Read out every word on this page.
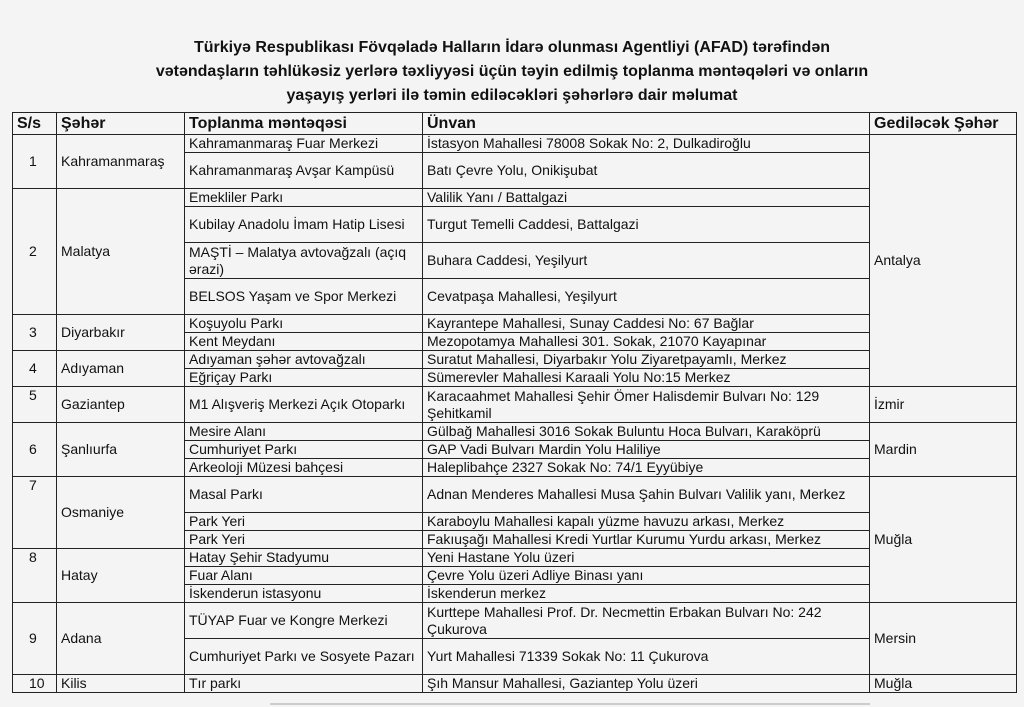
Türkiyə Respublikası Fövqəladə Halların İdarə olunması Agentliyi (AFAD) tərəfindən
vətəndaşların təhlükəsiz yerlərə təxliyyəsi üçün təyin edilmiş toplanma məntəqələri və onların
yaşayış yerləri ilə təmin ediləcəkləri şəhərlərə dair məlumat
S/s	Şəhər	Toplanma məntəqəsi	Ünvan	Gedilәcәk Şәhәr	

1	Kahramanmaraş	Kahramanmaraş Fuar Merkezi	İstasyon Mahallesi 78008 Sokak No: 2, Dulkadiroğlu	Antalya	
		Kahramanmaraş Avşar Kampüsü	Batı Çevre Yolu, Onikişubat		

2	Malatya	Emekliler Parkı	Valilik Yanı / Battalgazi		
		Kubilay Anadolu İmam Hatip Lisesi	Turgut Temelli Caddesi, Battalgazi		
		MAŞTİ – Malatya avtovağzalı (açıq ərazi)	Buhara Caddesi, Yeşilyurt		
		BELSOS Yaşam ve Spor Merkezi	Cevatpaşa Mahallesi, Yeşilyurt		

3	Diyarbakır	Koşuyolu Parkı	Kayrantepe Mahallesi, Sunay Caddesi No: 67 Bağlar		
		Kent Meydanı	Mezopotamya Mahallesi 301. Sokak, 21070 Kayapınar		

4	Adıyaman	Adıyaman şəhər avtovağzalı	Suratut Mahallesi, Diyarbakır Yolu Ziyaretpayamlı, Merkez	
		Eğriçay Parkı	Sümerevler Mahallesi Karaali Yolu No:15 Merkez		

5	Gaziantep	M1 Alışveriş Merkezi Açık Otoparkı	Karacaahmet Mahallesi Şehir Ömer Halisdemir Bulvarı No: 129 Şehitkamil	İzmir	

6	Şanlıurfa	Mesire Alanı	Gülbağ Mahallesi 3016 Sokak Buluntu Hoca Bulvarı, Karaköprü	Mardin	
		Cumhuriyet Parkı	GAP Vadi Bulvarı Mardin Yolu Haliliye		
		Arkeoloji Müzesi bahçesi	Haleplibahçe 2327 Sokak No: 74/1 Eyyübiye		

7	Osmaniye	Masal Parkı	Adnan Menderes Mahallesi Musa Şahin Bulvarı Valilik yanı, Merkez	Muğla	
		Park Yeri	Karaboylu Mahallesi kapalı yüzme havuzu arkası, Merkez		
		Park Yeri	Fakıuşağı Mahallesi Kredi Yurtlar Kurumu Yurdu arkası, Merkez		

8	Hatay	Hatay Şehir Stadyumu	Yeni Hastane Yolu üzeri		
		Fuar Alanı	Çevre Yolu üzeri Adliye Binası yanı		
		İskenderun istasyonu	İskenderun merkez		

9	Adana	TÜYAP Fuar ve Kongre Merkezi	Kurttepe Mahallesi Prof. Dr. Necmettin Erbakan Bulvarı No: 242 Çukurova	Mersin	
		Cumhuriyet Parkı ve Sosyete Pazarı	Yurt Mahallesi 71339 Sokak No: 11 Çukurova		

10	Kilis	Tır parkı	Şıh Mansur Mahallesi, Gaziantep Yolu üzeri	Muğla	
